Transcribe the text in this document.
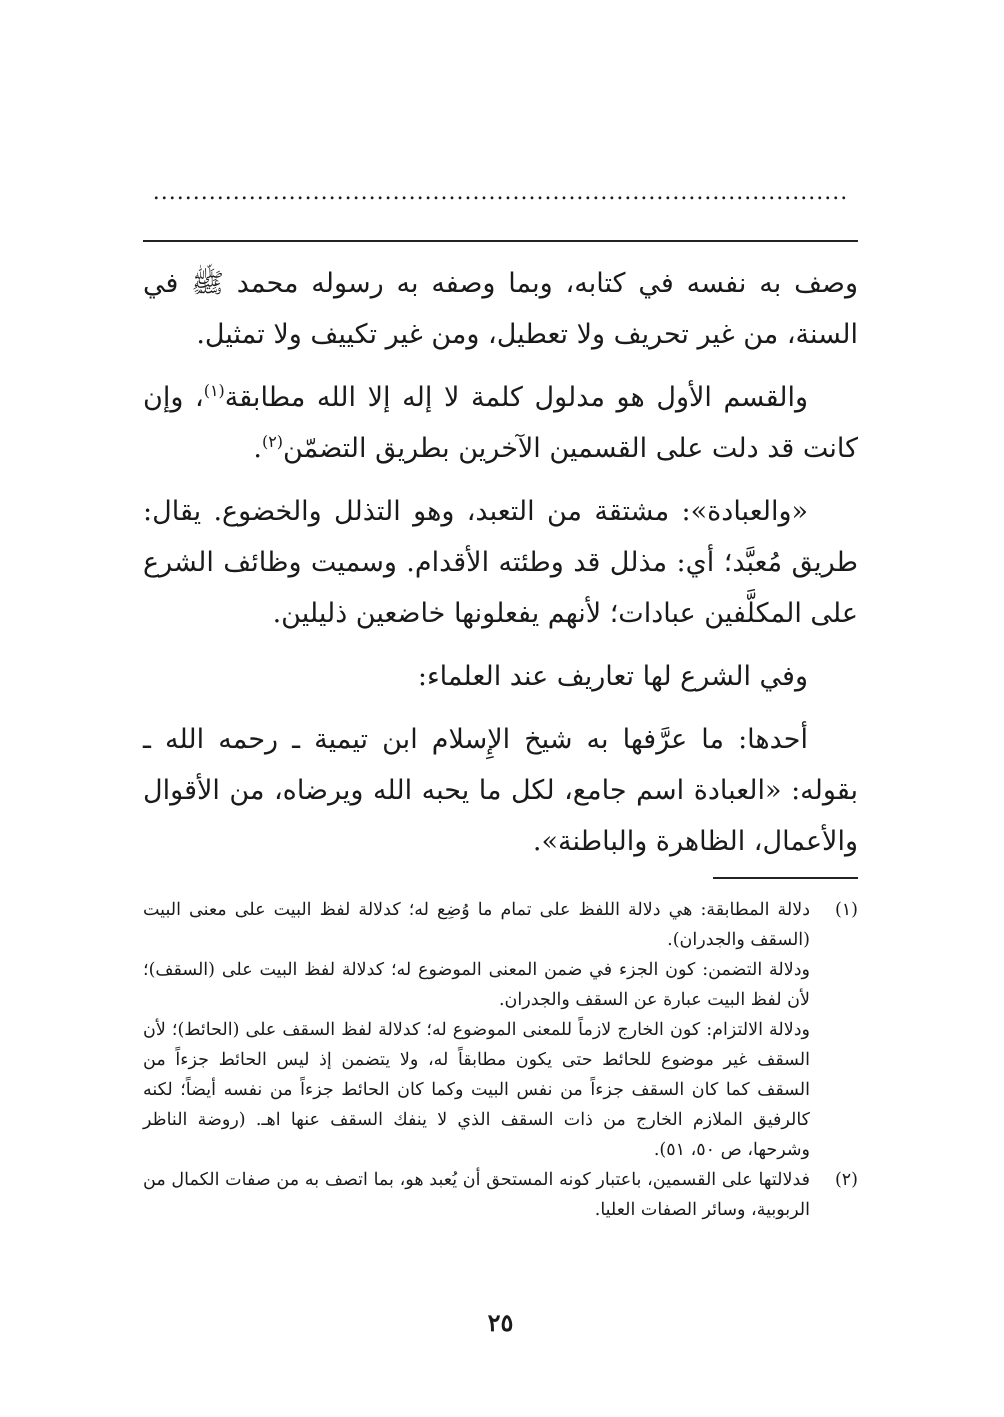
.......................................................................................

وصف به نفسه في كتابه، وبما وصفه به رسوله محمد ﷺ في السنة، من غير تحريف ولا تعطيل، ومن غير تكييف ولا تمثيل.

والقسم الأول هو مدلول كلمة لا إله إلا الله مطابقة$^{(١)}$، وإن كانت قد دلت على القسمين الآخرين بطريق التضمّن$^{(٢)}$.

«والعبادة»: مشتقة من التعبد، وهو التذلل والخضوع. يقال: طريق مُعبَّد؛ أي: مذلل قد وطئته الأقدام. وسميت وظائف الشرع على المكلَّفين عبادات؛ لأنهم يفعلونها خاضعين ذليلين.

وفي الشرع لها تعاريف عند العلماء:

أحدها: ما عرَّفها به شيخ الإِسلام ابن تيمية ـ رحمه الله ـ بقوله: «العبادة اسم جامع، لكل ما يحبه الله ويرضاه، من الأقوال والأعمال، الظاهرة والباطنة».

(١)
دلالة المطابقة: هي دلالة اللفظ على تمام ما وُضِع له؛ كدلالة لفظ البيت على معنى البيت (السقف والجدران).
ودلالة التضمن: كون الجزء في ضمن المعنى الموضوع له؛ كدلالة لفظ البيت على (السقف)؛ لأن لفظ البيت عبارة عن السقف والجدران.
ودلالة الالتزام: كون الخارج لازماً للمعنى الموضوع له؛ كدلالة لفظ السقف على (الحائط)؛ لأن السقف غير موضوع للحائط حتى يكون مطابقاً له، ولا يتضمن إذ ليس الحائط جزءاً من السقف كما كان السقف جزءاً من نفس البيت وكما كان الحائط جزءاً من نفسه أيضاً؛ لكنه كالرفيق الملازم الخارج من ذات السقف الذي لا ينفك السقف عنها اهـ. (روضة الناظر وشرحها، ص ٥٠، ٥١).
(٢)
فدلالتها على القسمين، باعتبار كونه المستحق أن يُعبد هو، بما اتصف به من صفات الكمال من الربوبية، وسائر الصفات العليا.
٢٥
